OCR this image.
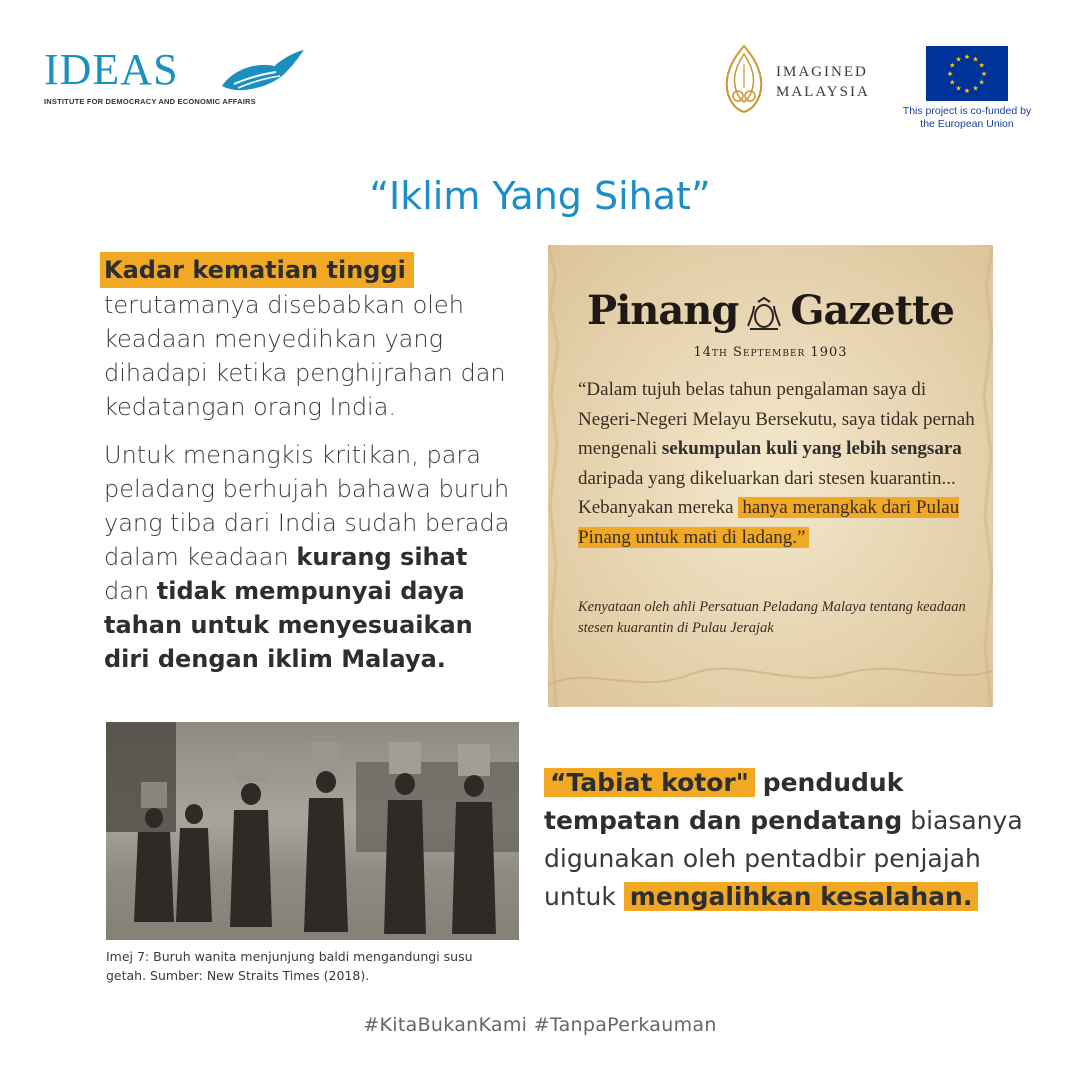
IDEAS
INSTITUTE FOR DEMOCRACY AND ECONOMIC AFFAIRS
IMAGINED
MALAYSIA
★ ★
★
★
★
★
★
★
★
★
★
★
This project is co-funded by
the European Union
“Iklim Yang Sihat”

Kadar kematian tinggi
terutamanya disebabkan oleh keadaan menyedihkan yang dihadapi ketika penghijrahan dan kedatangan orang India.

Untuk menangkis kritikan, para peladang berhujah bahawa buruh yang tiba dari India sudah berada dalam keadaan kurang sihat dan tidak mempunyai daya tahan untuk menyesuaikan diri dengan iklim Malaya.

Pinang Gazette
14th September 1903
“Dalam tujuh belas tahun pengalaman saya di Negeri-Negeri Melayu Bersekutu, saya tidak pernah mengenali sekumpulan kuli yang lebih sengsara daripada yang dikeluarkan dari stesen kuarantin... Kebanyakan mereka hanya merangkak dari Pulau Pinang untuk mati di ladang.”
Kenyataan oleh ahli Persatuan Peladang Malaya tentang keadaan stesen kuarantin di Pulau Jerajak
Imej 7: Buruh wanita menjunjung baldi mengandungi susu getah. Sumber: New Straits Times (2018).
“Tabiat kotor" penduduk tempatan dan pendatang biasanya digunakan oleh pentadbir penjajah untuk mengalihkan kesalahan.
#KitaBukanKami #TanpaPerkauman
